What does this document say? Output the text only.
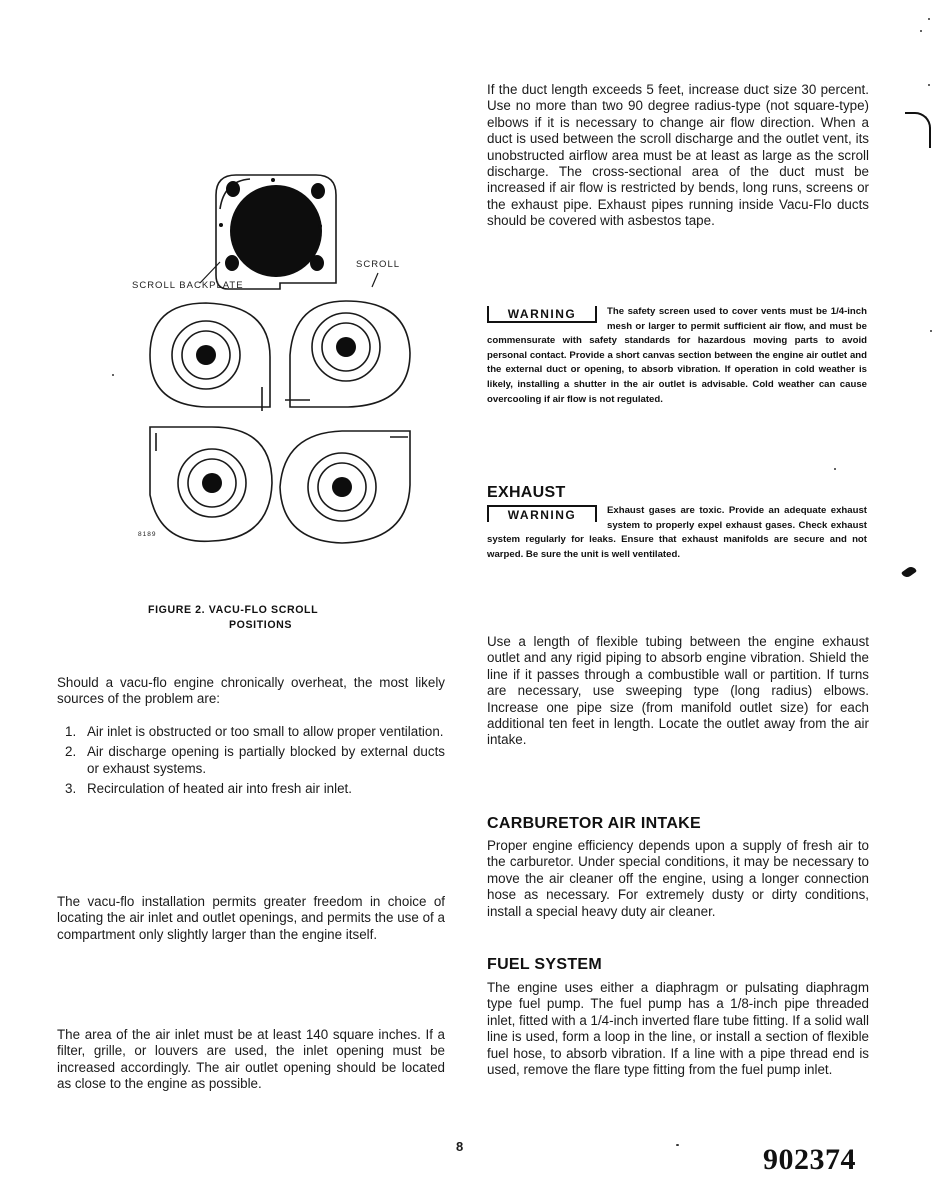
SCROLL
SCROLL BACKPLATE
8189
FIGURE 2. VACU-FLO SCROLL
POSITIONS

Should a vacu-flo engine chronically overheat, the most likely sources of the problem are:

1. Air inlet is obstructed or too small to allow proper ventilation.
2. Air discharge opening is partially blocked by external ducts or exhaust systems.
3. Recirculation of heated air into fresh air inlet.

The vacu-flo installation permits greater freedom in choice of locating the air inlet and outlet openings, and permits the use of a compartment only slightly larger than the engine itself.

The area of the air inlet must be at least 140 square inches. If a filter, grille, or louvers are used, the inlet opening must be increased accordingly. The air outlet opening should be located as close to the engine as possible.

If the duct length exceeds 5 feet, increase duct size 30 percent. Use no more than two 90 degree radius-type (not square-type) elbows if it is necessary to change air flow direction. When a duct is used between the scroll discharge and the outlet vent, its unobstructed airflow area must be at least as large as the scroll discharge. The cross-sectional area of the duct must be increased if air flow is restricted by bends, long runs, screens or the exhaust pipe. Exhaust pipes running inside Vacu-Flo ducts should be covered with asbestos tape.

WARNING	The safety screen used to cover vents must be 1/4-inch mesh or larger to permit sufficient air flow, and must be commensurate with safety standards for hazardous moving parts to avoid personal contact. Provide a short canvas section between the engine air outlet and the external duct or opening, to absorb vibration. If operation in cold weather is likely, installing a shutter in the air outlet is advisable. Cold weather can cause overcooling if air flow is not regulated.
EXHAUST
WARNING	Exhaust gases are toxic. Provide an adequate exhaust system to properly expel exhaust gases. Check exhaust system regularly for leaks. Ensure that exhaust manifolds are secure and not warped. Be sure the unit is well ventilated.

Use a length of flexible tubing between the engine exhaust outlet and any rigid piping to absorb engine vibration. Shield the line if it passes through a combustible wall or partition. If turns are necessary, use sweeping type (long radius) elbows. Increase one pipe size (from manifold outlet size) for each additional ten feet in length. Locate the outlet away from the air intake.

CARBURETOR AIR INTAKE

Proper engine efficiency depends upon a supply of fresh air to the carburetor. Under special conditions, it may be necessary to move the air cleaner off the engine, using a longer connection hose as necessary. For extremely dusty or dirty conditions, install a special heavy duty air cleaner.

FUEL SYSTEM

The engine uses either a diaphragm or pulsating diaphragm type fuel pump. The fuel pump has a 1/8-inch pipe threaded inlet, fitted with a 1/4-inch inverted flare tube fitting. If a solid wall line is used, form a loop in the line, or install a section of flexible fuel hose, to absorb vibration. If a line with a pipe thread end is used, remove the flare type fitting from the fuel pump inlet.

8	902374
